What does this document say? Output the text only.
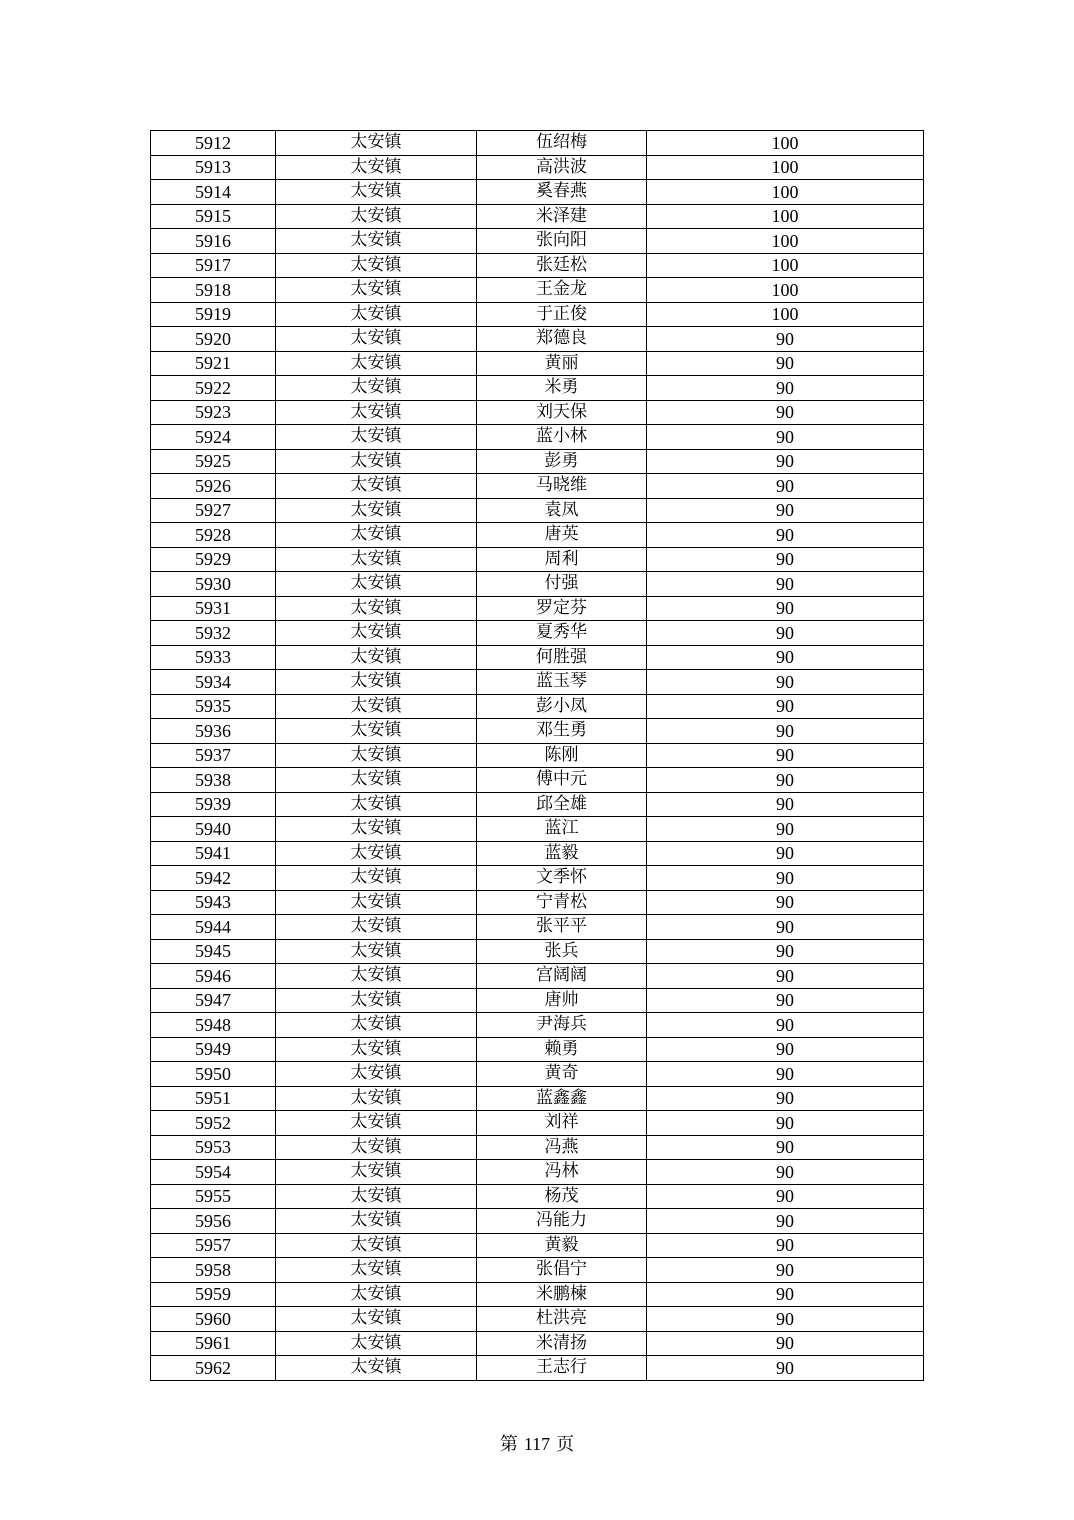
5912	太安镇	伍绍梅	100
5913	太安镇	高洪波	100
5914	太安镇	奚春燕	100
5915	太安镇	米泽建	100
5916	太安镇	张向阳	100
5917	太安镇	张廷松	100
5918	太安镇	王金龙	100
5919	太安镇	于正俊	100
5920	太安镇	郑德良	90
5921	太安镇	黄丽	90
5922	太安镇	米勇	90
5923	太安镇	刘天保	90
5924	太安镇	蓝小林	90
5925	太安镇	彭勇	90
5926	太安镇	马晓维	90
5927	太安镇	袁凤	90
5928	太安镇	唐英	90
5929	太安镇	周利	90
5930	太安镇	付强	90
5931	太安镇	罗定芬	90
5932	太安镇	夏秀华	90
5933	太安镇	何胜强	90
5934	太安镇	蓝玉琴	90
5935	太安镇	彭小凤	90
5936	太安镇	邓生勇	90
5937	太安镇	陈刚	90
5938	太安镇	傅中元	90
5939	太安镇	邱全雄	90
5940	太安镇	蓝江	90
5941	太安镇	蓝毅	90
5942	太安镇	文季怀	90
5943	太安镇	宁青松	90
5944	太安镇	张平平	90
5945	太安镇	张兵	90
5946	太安镇	宫阔阔	90
5947	太安镇	唐帅	90
5948	太安镇	尹海兵	90
5949	太安镇	赖勇	90
5950	太安镇	黄奇	90
5951	太安镇	蓝鑫鑫	90
5952	太安镇	刘祥	90
5953	太安镇	冯燕	90
5954	太安镇	冯林	90
5955	太安镇	杨茂	90
5956	太安镇	冯能力	90
5957	太安镇	黄毅	90
5958	太安镇	张倡宁	90
5959	太安镇	米鹏楝	90
5960	太安镇	杜洪亮	90
5961	太安镇	米清扬	90
5962	太安镇	王志行	90
第 117 页
